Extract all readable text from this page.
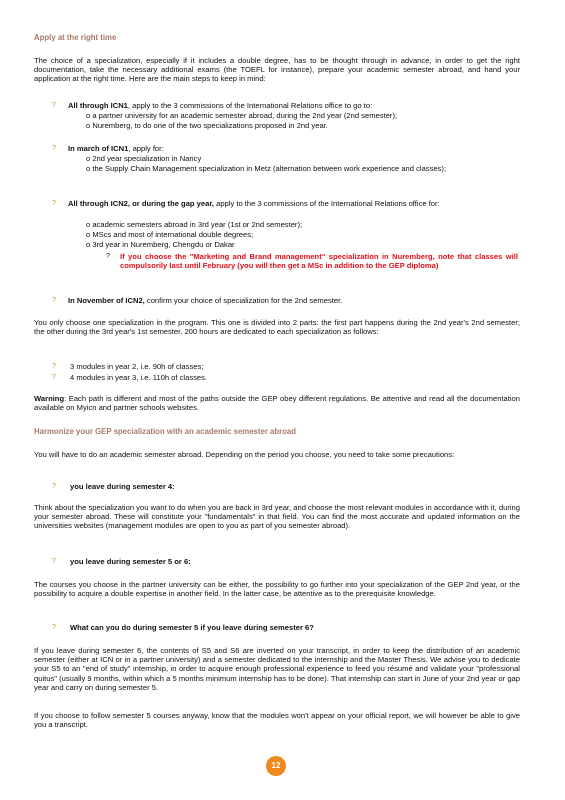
Apply at the right time
The choice of a specialization, especially if it includes a double degree, has to be thought through in advance, in order to get the right documentation, take the necessary additional exams (the TOEFL for instance), prepare your academic semester abroad, and hand your application at the right time. Here are the main steps to keep in mind:
? All through ICN1, apply to the 3 commissions of the International Relations office to go to:
o a partner university for an academic semester abroad, during the 2nd year (2nd semester);
o Nuremberg, to do one of the two specializations proposed in 2nd year.
? In march of ICN1, apply for:
o 2nd year specialization in Nancy
o the Supply Chain Management specialization in Metz (alternation between work experience and classes);
? All through ICN2, or during the gap year, apply to the 3 commissions of the International Relations office for:
o academic semesters abroad in 3rd year (1st or 2nd semester);
o MScs and most of international double degrees;
o 3rd year in Nuremberg, Chengdu or Dakar
? If you choose the "Marketing and Brand management" specialization in Nuremberg, note that classes will compulsorily last until February (you will then get a MSc in addition to the GEP diploma)
? In November of ICN2, confirm your choice of specialization for the 2nd semester.
You only choose one specialization in the program. This one is divided into 2 parts: the first part happens during the 2nd year's 2nd semester; the other during the 3rd year's 1st semester. 200 hours are dedicated to each specialization as follows:
? 3 modules in year 2, i.e. 90h of classes;
? 4 modules in year 3, i.e. 110h of classes.
Warning: Each path is different and most of the paths outside the GEP obey different regulations. Be attentive and read all the documentation available on Myicn and partner schools websites.
Harmonize your GEP specialization with an academic semester abroad
You will have to do an academic semester abroad. Depending on the period you choose, you need to take some precautions:
? you leave during semester 4:
Think about the specialization you want to do when you are back in 3rd year, and choose the most relevant modules in accordance with it, during your semester abroad. These will constitute your "fundamentals" in that field. You can find the most accurate and updated information on the universities websites (management modules are open to you as part of you semester abroad).
? you leave during semester 5 or 6:
The courses you choose in the partner university can be either, the possibility to go further into your specialization of the GEP 2nd year, or the possibility to acquire a double expertise in another field. In the latter case, be attentive as to the prerequisite knowledge.
? What can you do during semester 5 if you leave during semester 6?
If you leave during semester 6, the contents of S5 and S6 are inverted on your transcript, in order to keep the distribution of an academic semester (either at ICN or in a partner university) and a semester dedicated to the internship and the Master Thesis. We advise you to dedicate your S5 to an "end of study" internship, in order to acquire enough professional experience to feed you résumé and validate your "professional quitus" (usually 9 months, within which a 5 months minimum internship has to be done). That internship can start in June of your 2nd year or gap year and carry on during semester 5.
If you choose to follow semester 5 courses anyway, know that the modules won't appear on your official report, we will however be able to give you a transcript.
12
